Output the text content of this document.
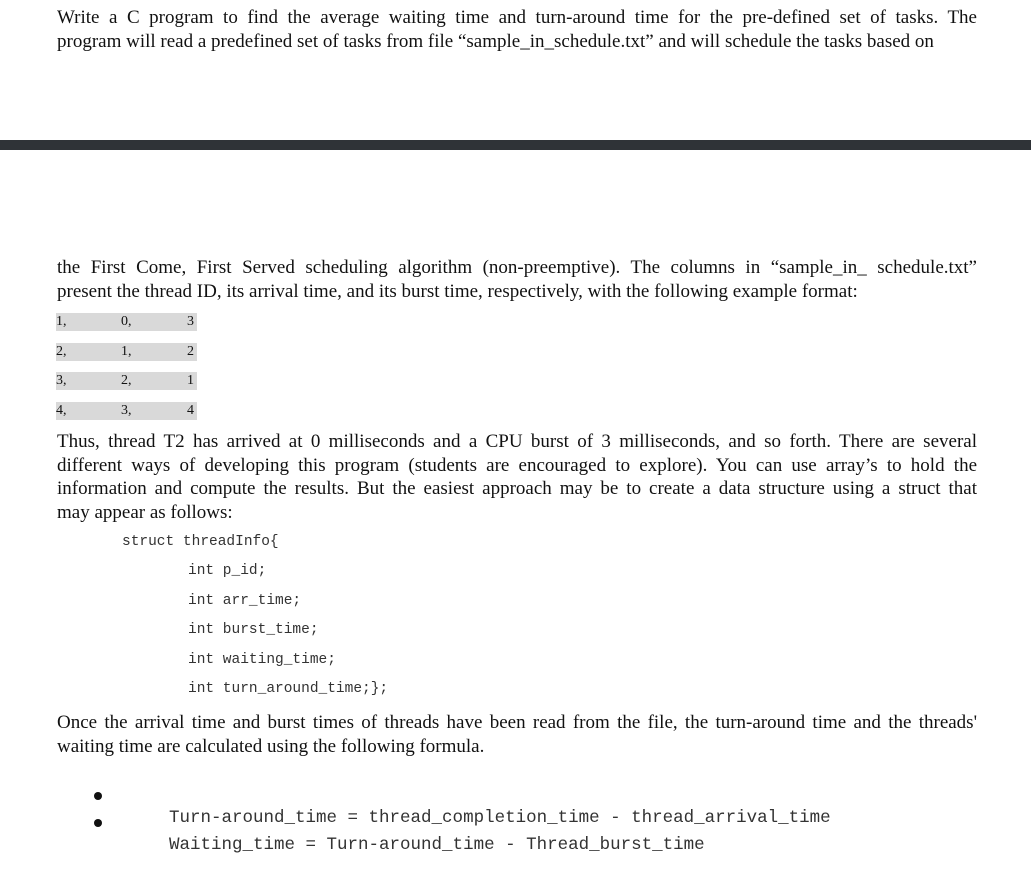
Write a C program to find the average waiting time and turn-around time for the pre-defined set of tasks. The
program will read a predefined set of tasks from file “sample_in_schedule.txt” and will schedule the tasks based on
the First Come, First Served scheduling algorithm (non-preemptive). The columns in “sample_in_ schedule.txt”
present the thread ID, its arrival time, and its burst time, respectively, with the following example format:
1,	0,	3
2,	1,	2
3,	2,	1
4,	3,	4
Thus, thread T2 has arrived at 0 milliseconds and a CPU burst of 3 milliseconds, and so forth. There are several
different ways of developing this program (students are encouraged to explore). You can use array’s to hold the
information and compute the results. But the easiest approach may be to create a data structure using a struct that
may appear as follows:
struct threadInfo{
int p_id;
int arr_time;
int burst_time;
int waiting_time;
int turn_around_time;};
Once the arrival time and burst times of threads have been read from the file, the turn-around time and the threads'
waiting time are calculated using the following formula.

Turn-around_time = thread_completion_time - thread_arrival_time

Waiting_time = Turn-around_time - Thread_burst_time
